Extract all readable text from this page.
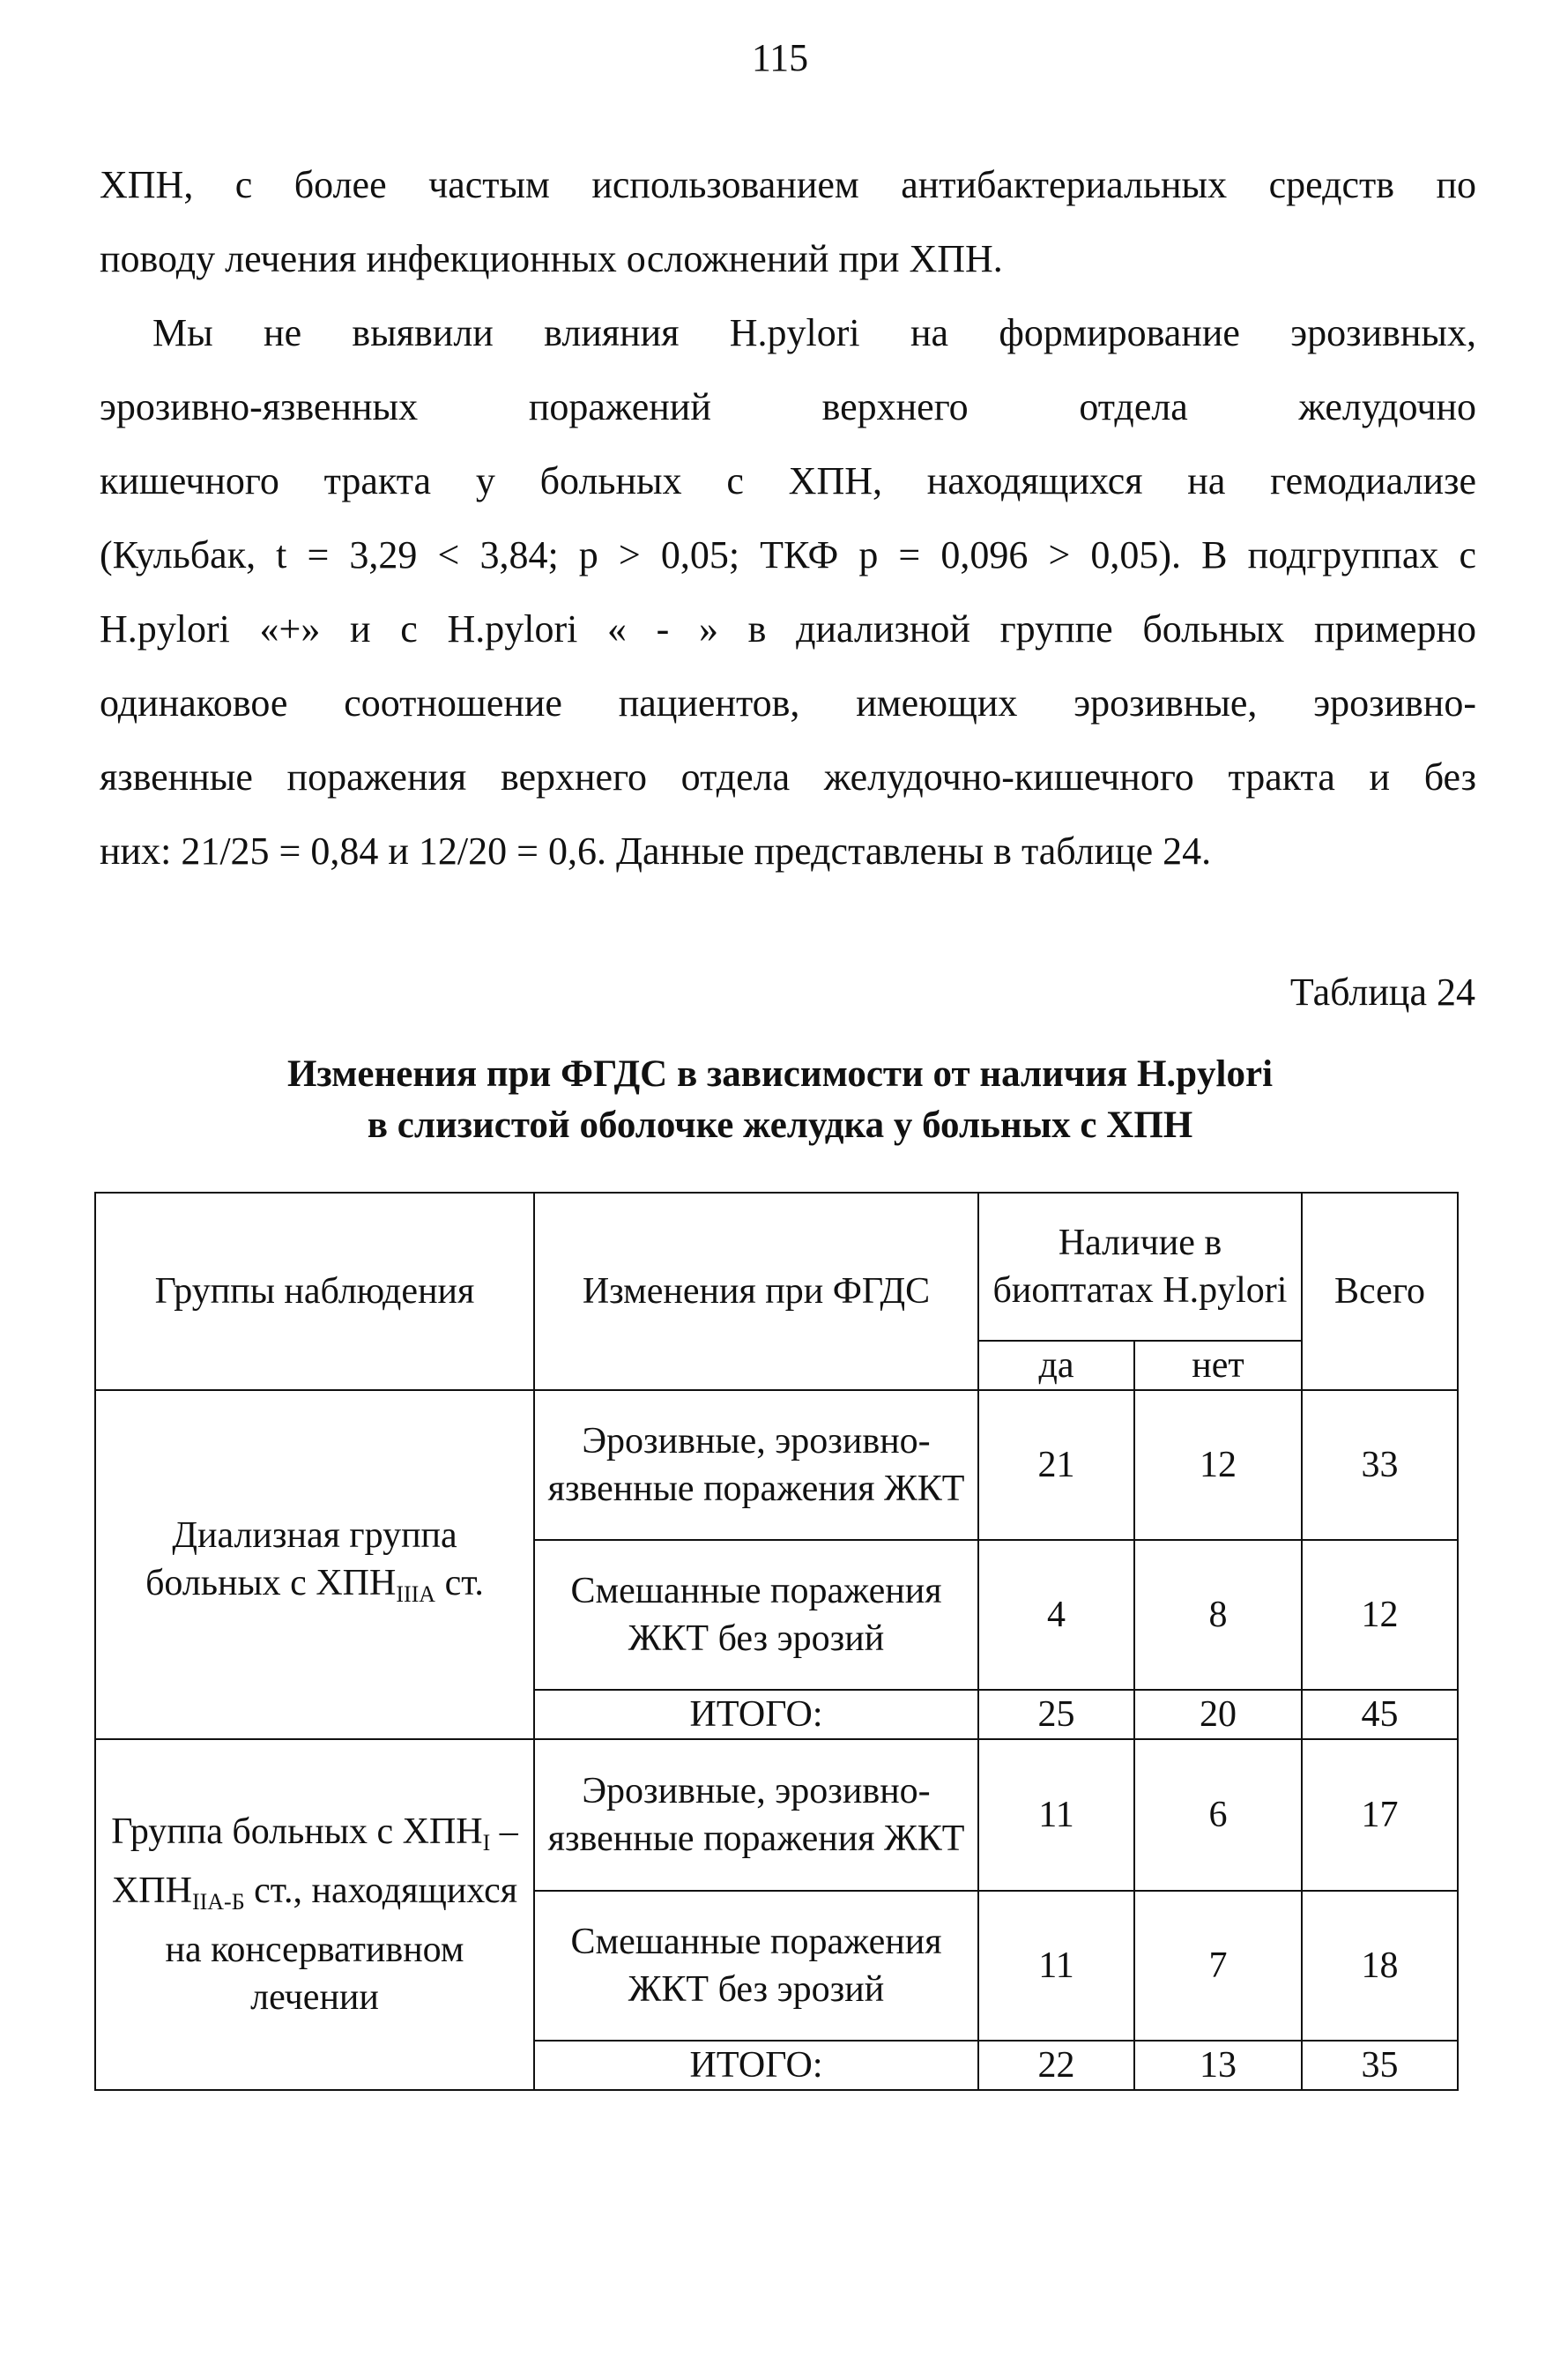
115

ХПН, с более частым использованием антибактериальных средств по
поводу лечения инфекционных осложнений при ХПН.

Мы не выявили влияния H.pylori на формирование эрозивных,
эрозивно-язвенных поражений верхнего отдела желудочно
кишечного тракта у больных с ХПН, находящихся на гемодиализе
(Кульбак, t = 3,29 < 3,84; р > 0,05; ТКФ р = 0,096 > 0,05). В подгруппах с
H.pylori «+» и с H.pylori « - » в диализной группе больных примерно
одинаковое соотношение пациентов, имеющих эрозивные, эрозивно-
язвенные поражения верхнего отдела желудочно-кишечного тракта и без
них: 21/25 = 0,84 и 12/20 = 0,6. Данные представлены в таблице 24.

Таблица 24
Изменения при ФГДС в зависимости от наличия H.pylori
в слизистой оболочке желудка у больных с ХПН
Группы наблюдения	Изменения при ФГДС	Наличие в биоптатах H.pylori		Всего
		да	нет	
Диализная группа больных с $ХПН_{IIIА}$ ст.	Эрозивные, эрозивно-язвенные поражения ЖКТ	21	12	33
	Смешанные поражения ЖКТ без эрозий	4	8	12
	ИТОГО:	25	20	45
Группа больных с $ХПН_I - ХПН_{IIА-Б}$ ст., находящихся на консервативном лечении	Эрозивные, эрозивно-язвенные поражения ЖКТ	11	6	17
	Смешанные поражения ЖКТ без эрозий	11	7	18
	ИТОГО:	22	13	35
